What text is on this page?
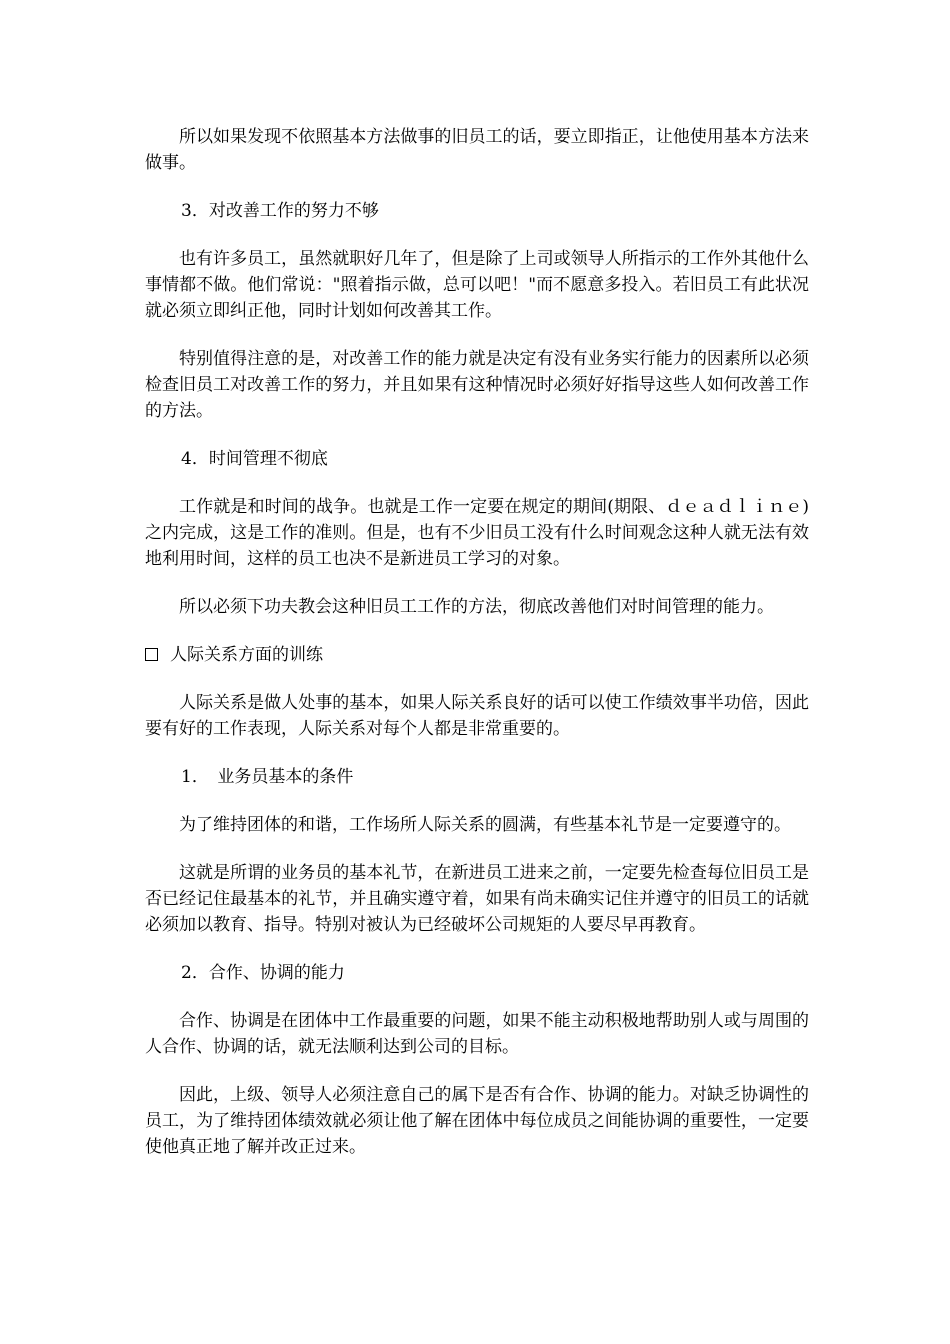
所以如果发现不依照基本方法做事的旧员工的话，要立即指正，让他使用基本方法来做事。

3．对改善工作的努力不够

也有许多员工，虽然就职好几年了，但是除了上司或领导人所指示的工作外其他什么事情都不做。他们常说："照着指示做，总可以吧！"而不愿意多投入。若旧员工有此状况就必须立即纠正他，同时计划如何改善其工作。

特别值得注意的是，对改善工作的能力就是决定有没有业务实行能力的因素所以必须检查旧员工对改善工作的努力，并且如果有这种情况时必须好好指导这些人如何改善工作的方法。

4．时间管理不彻底

工作就是和时间的战争。也就是工作一定要在规定的期间(期限、ｄｅａｄｌｉｎｅ)之内完成，这是工作的准则。但是，也有不少旧员工没有什么时间观念这种人就无法有效地利用时间，这样的员工也决不是新进员工学习的对象。

所以必须下功夫教会这种旧员工工作的方法，彻底改善他们对时间管理的能力。

人际关系方面的训练

人际关系是做人处事的基本，如果人际关系良好的话可以使工作绩效事半功倍，因此要有好的工作表现，人际关系对每个人都是非常重要的。

1．　业务员基本的条件

为了维持团体的和谐，工作场所人际关系的圆满，有些基本礼节是一定要遵守的。

这就是所谓的业务员的基本礼节，在新进员工进来之前，一定要先检查每位旧员工是否已经记住最基本的礼节，并且确实遵守着，如果有尚未确实记住并遵守的旧员工的话就必须加以教育、指导。特别对被认为已经破坏公司规矩的人要尽早再教育。

2．合作、协调的能力

合作、协调是在团体中工作最重要的问题，如果不能主动积极地帮助别人或与周围的人合作、协调的话，就无法顺利达到公司的目标。

因此，上级、领导人必须注意自己的属下是否有合作、协调的能力。对缺乏协调性的员工，为了维持团体绩效就必须让他了解在团体中每位成员之间能协调的重要性，一定要使他真正地了解并改正过来。
